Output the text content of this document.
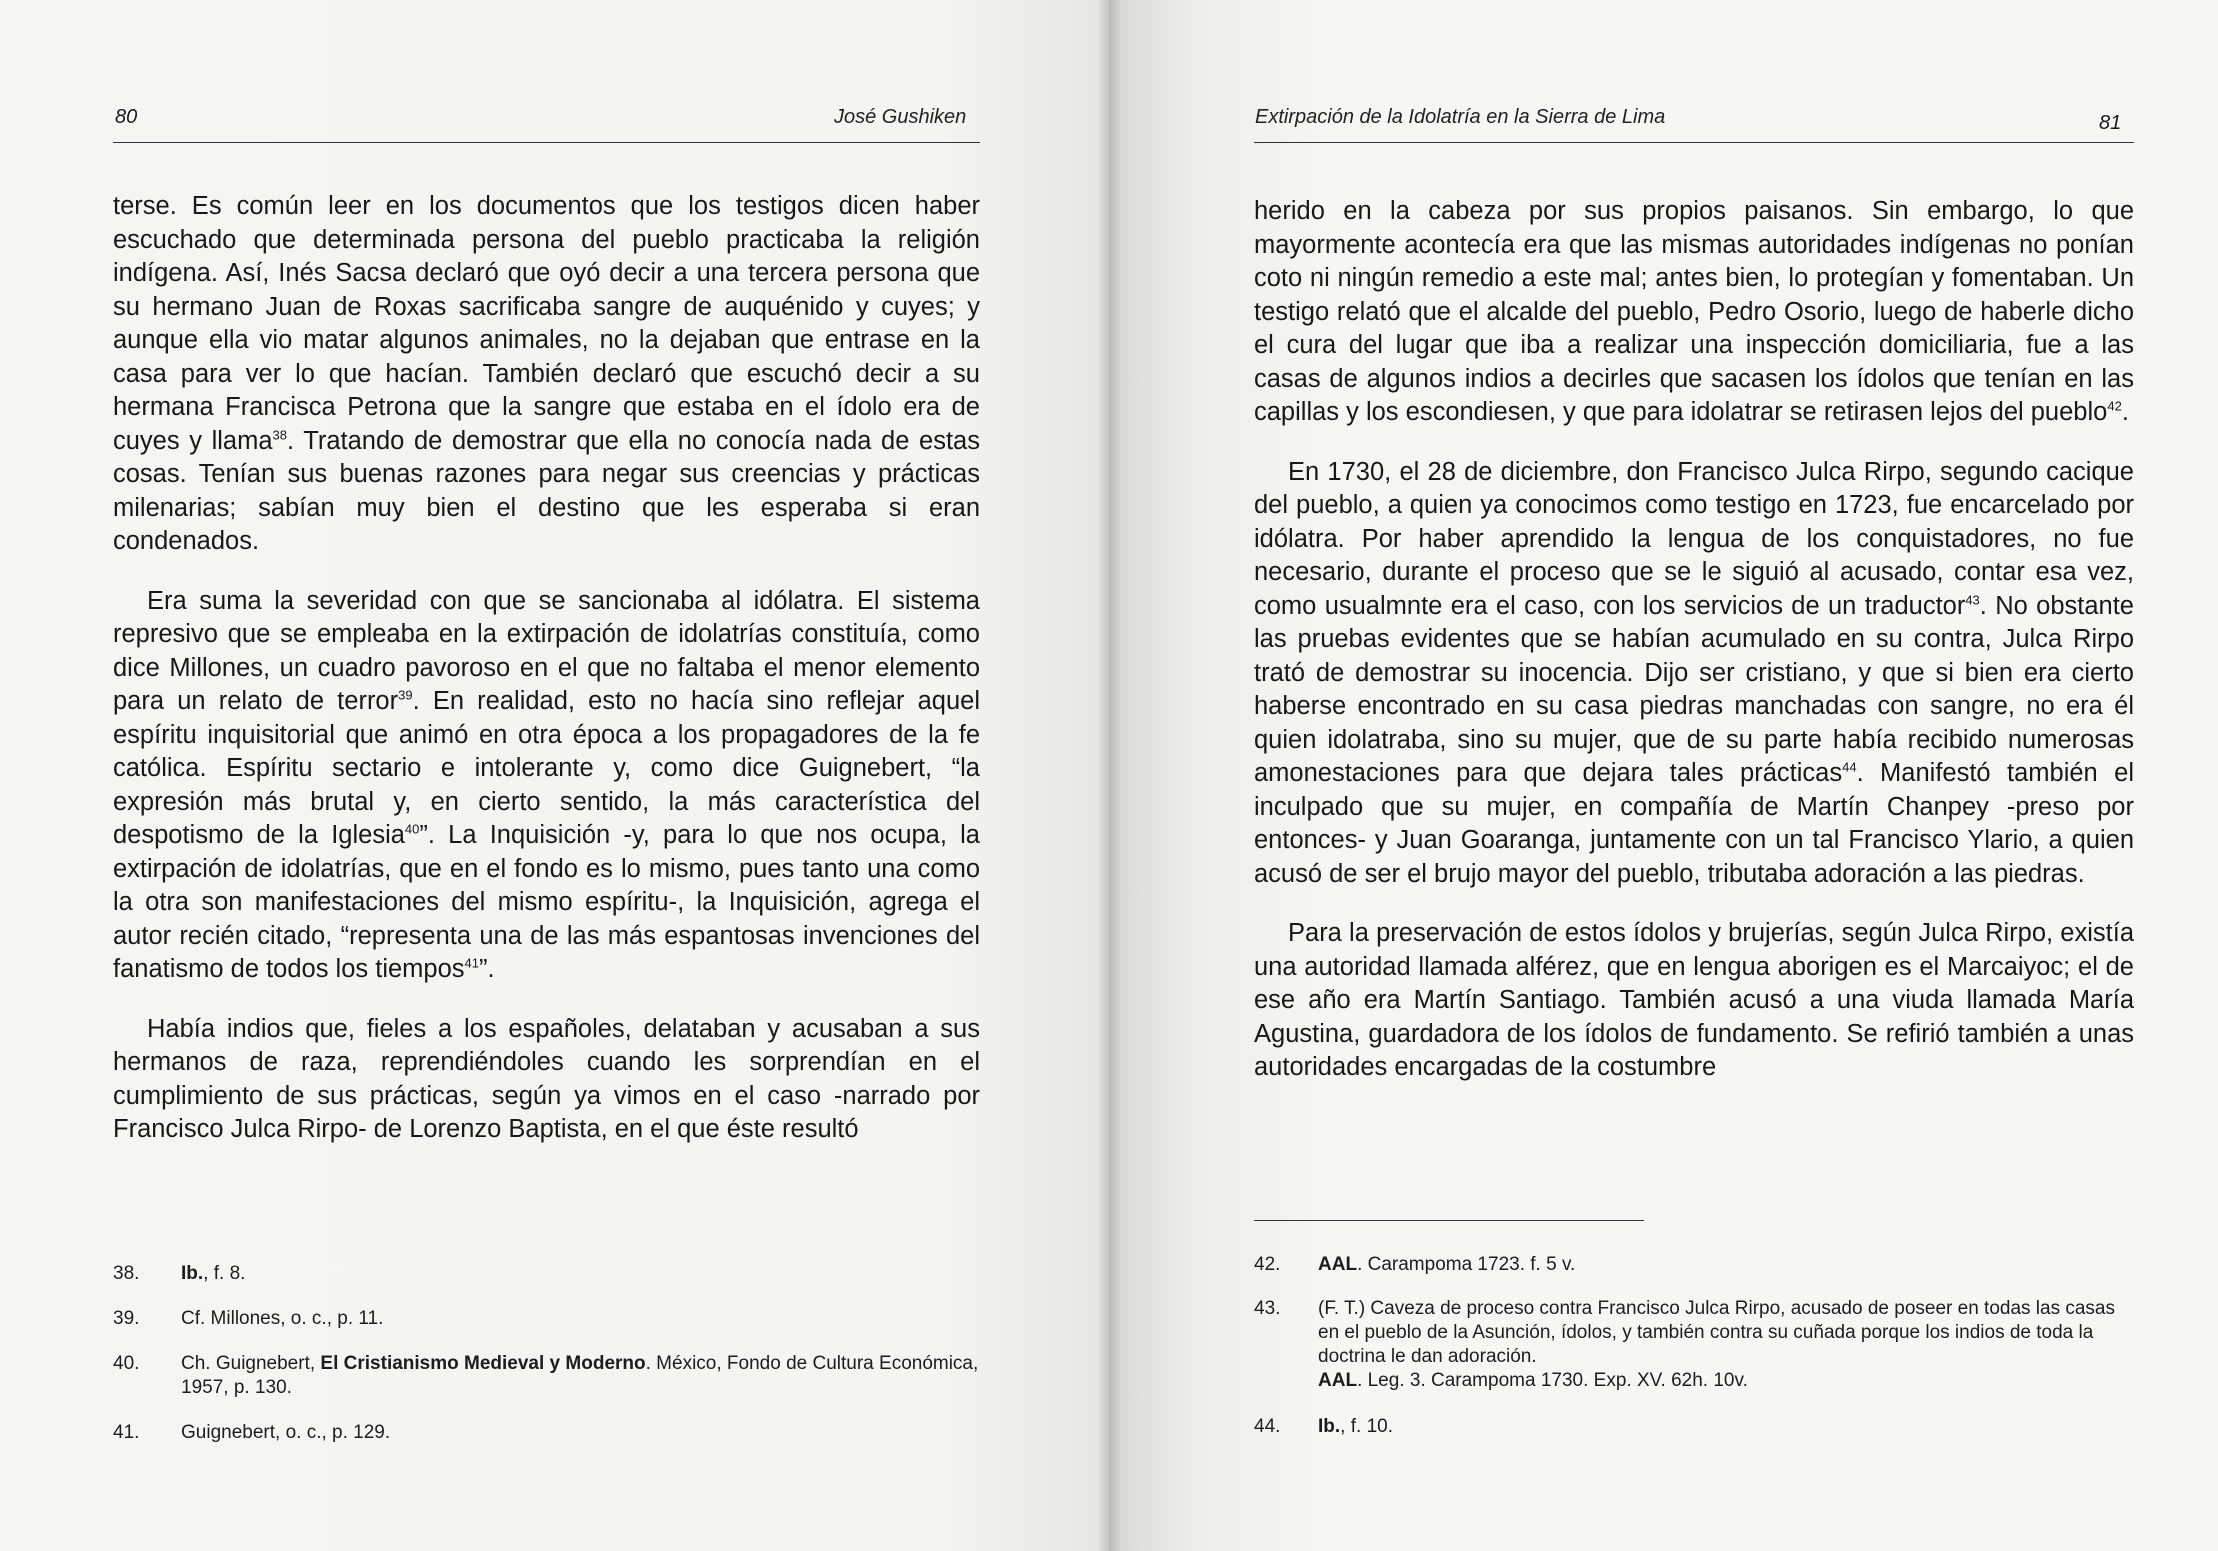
80	José Gushiken

terse. Es común leer en los documentos que los testigos dicen haber escuchado que determinada persona del pueblo practicaba la religión indígena. Así, Inés Sacsa declaró que oyó decir a una tercera persona que su hermano Juan de Roxas sacrificaba sangre de auquénido y cuyes; y aunque ella vio matar algunos animales, no la dejaban que entrase en la casa para ver lo que hacían. También declaró que escuchó decir a su hermana Francisca Petrona que la sangre que estaba en el ídolo era de cuyes y llama$^{38}$. Tratando de demostrar que ella no conocía nada de estas cosas. Tenían sus buenas razones para negar sus creencias y prácticas milenarias; sabían muy bien el destino que les esperaba si eran condenados.

Era suma la severidad con que se sancionaba al idólatra. El sistema represivo que se empleaba en la extirpación de idolatrías constituía, como dice Millones, un cuadro pavoroso en el que no faltaba el menor elemento para un relato de terror$^{39}$. En realidad, esto no hacía sino reflejar aquel espíritu inquisitorial que animó en otra época a los propagadores de la fe católica. Espíritu sectario e intolerante y, como dice Guignebert, “la expresión más brutal y, en cierto sentido, la más característica del despotismo de la Iglesia$^{40}$”. La Inquisición -y, para lo que nos ocupa, la extirpación de idolatrías, que en el fondo es lo mismo, pues tanto una como la otra son manifestaciones del mismo espíritu-, la Inquisición, agrega el autor recién citado, “representa una de las más espantosas invenciones del fanatismo de todos los tiempos$^{41}$”.

Había indios que, fieles a los españoles, delataban y acusaban a sus hermanos de raza, reprendiéndoles cuando les sorprendían en el cumplimiento de sus prácticas, según ya vimos en el caso -narrado por Francisco Julca Rirpo- de Lorenzo Baptista, en el que éste resultó

38.	Ib., f. 8.
39.	Cf. Millones, o. c., p. 11.
40.	Ch. Guignebert, El Cristianismo Medieval y Moderno. México, Fondo de Cultura Económica, 1957, p. 130.
41.	Guignebert, o. c., p. 129.
Extirpación de la Idolatría en la Sierra de Lima	81

herido en la cabeza por sus propios paisanos. Sin embargo, lo que mayormente acontecía era que las mismas autoridades indígenas no ponían coto ni ningún remedio a este mal; antes bien, lo protegían y fomentaban. Un testigo relató que el alcalde del pueblo, Pedro Osorio, luego de haberle dicho el cura del lugar que iba a realizar una inspección domiciliaria, fue a las casas de algunos indios a decirles que sacasen los ídolos que tenían en las capillas y los escondiesen, y que para idolatrar se retirasen lejos del pueblo$^{42}$.

En 1730, el 28 de diciembre, don Francisco Julca Rirpo, segundo cacique del pueblo, a quien ya conocimos como testigo en 1723, fue encarcelado por idólatra. Por haber aprendido la lengua de los conquistadores, no fue necesario, durante el proceso que se le siguió al acusado, contar esa vez, como usualmnte era el caso, con los servicios de un traductor$^{43}$. No obstante las pruebas evidentes que se habían acumulado en su contra, Julca Rirpo trató de demostrar su inocencia. Dijo ser cristiano, y que si bien era cierto haberse encontrado en su casa piedras manchadas con sangre, no era él quien idolatraba, sino su mujer, que de su parte había recibido numerosas amonestaciones para que dejara tales prácticas$^{44}$. Manifestó también el inculpado que su mujer, en compañía de Martín Chanpey -preso por entonces- y Juan Goaranga, juntamente con un tal Francisco Ylario, a quien acusó de ser el brujo mayor del pueblo, tributaba adoración a las piedras.

Para la preservación de estos ídolos y brujerías, según Julca Rirpo, existía una autoridad llamada alférez, que en lengua aborigen es el Marcaiyoc; el de ese año era Martín Santiago. También acusó a una viuda llamada María Agustina, guardadora de los ídolos de fundamento. Se refirió también a unas autoridades encargadas de la costumbre

42.	AAL. Carampoma 1723. f. 5 v.
43.	(F. T.) Caveza de proceso contra Francisco Julca Rirpo, acusado de poseer en todas las casas en el pueblo de la Asunción, ídolos, y también contra su cuñada porque los indios de toda la doctrina le dan adoración.
AAL. Leg. 3. Carampoma 1730. Exp. XV. 62h. 10v.
44.	Ib., f. 10.
